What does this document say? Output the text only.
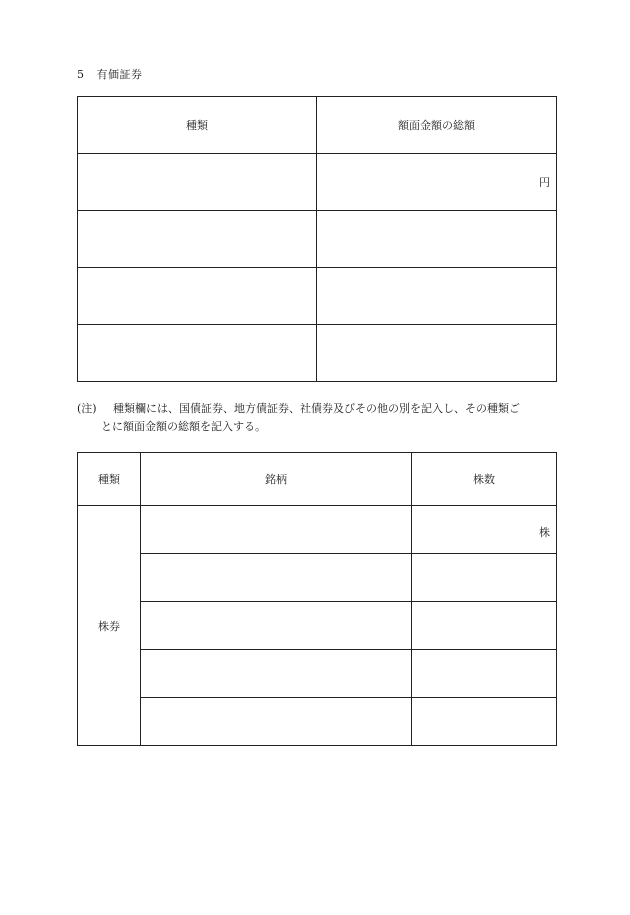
5 有価証券
種類	額面金額の総額

	円

(注) 種類欄には、国債証券、地方債証券、社債券及びその他の別を記入し、その種類ご
とに額面金額の総額を記入する。
種類	銘柄	株数
株券		株
